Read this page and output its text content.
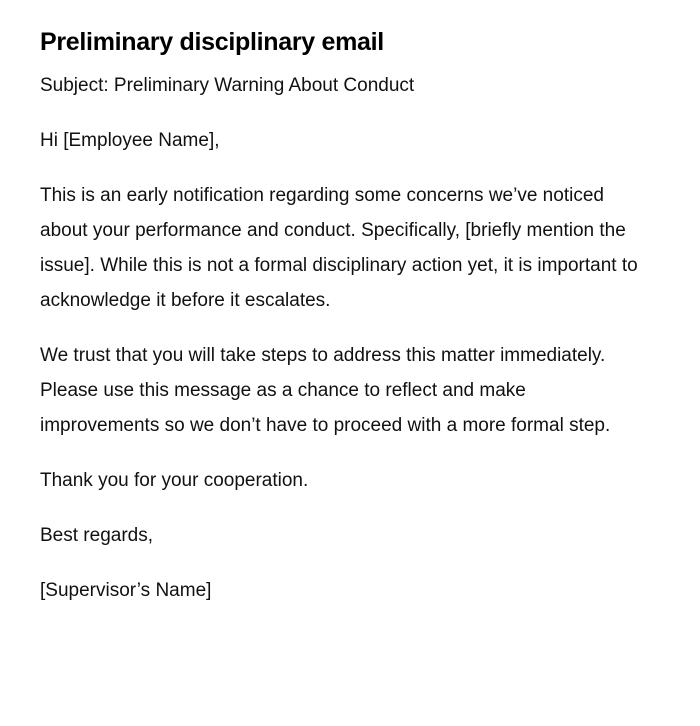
Preliminary disciplinary email

Subject: Preliminary Warning About Conduct

Hi [Employee Name],

This is an early notification regarding some concerns we’ve noticed about your performance and conduct. Specifically, [briefly mention the issue]. While this is not a formal disciplinary action yet, it is important to acknowledge it before it escalates.

We trust that you will take steps to address this matter immediately. Please use this message as a chance to reflect and make improvements so we don’t have to proceed with a more formal step.

Thank you for your cooperation.

Best regards,

[Supervisor’s Name]
